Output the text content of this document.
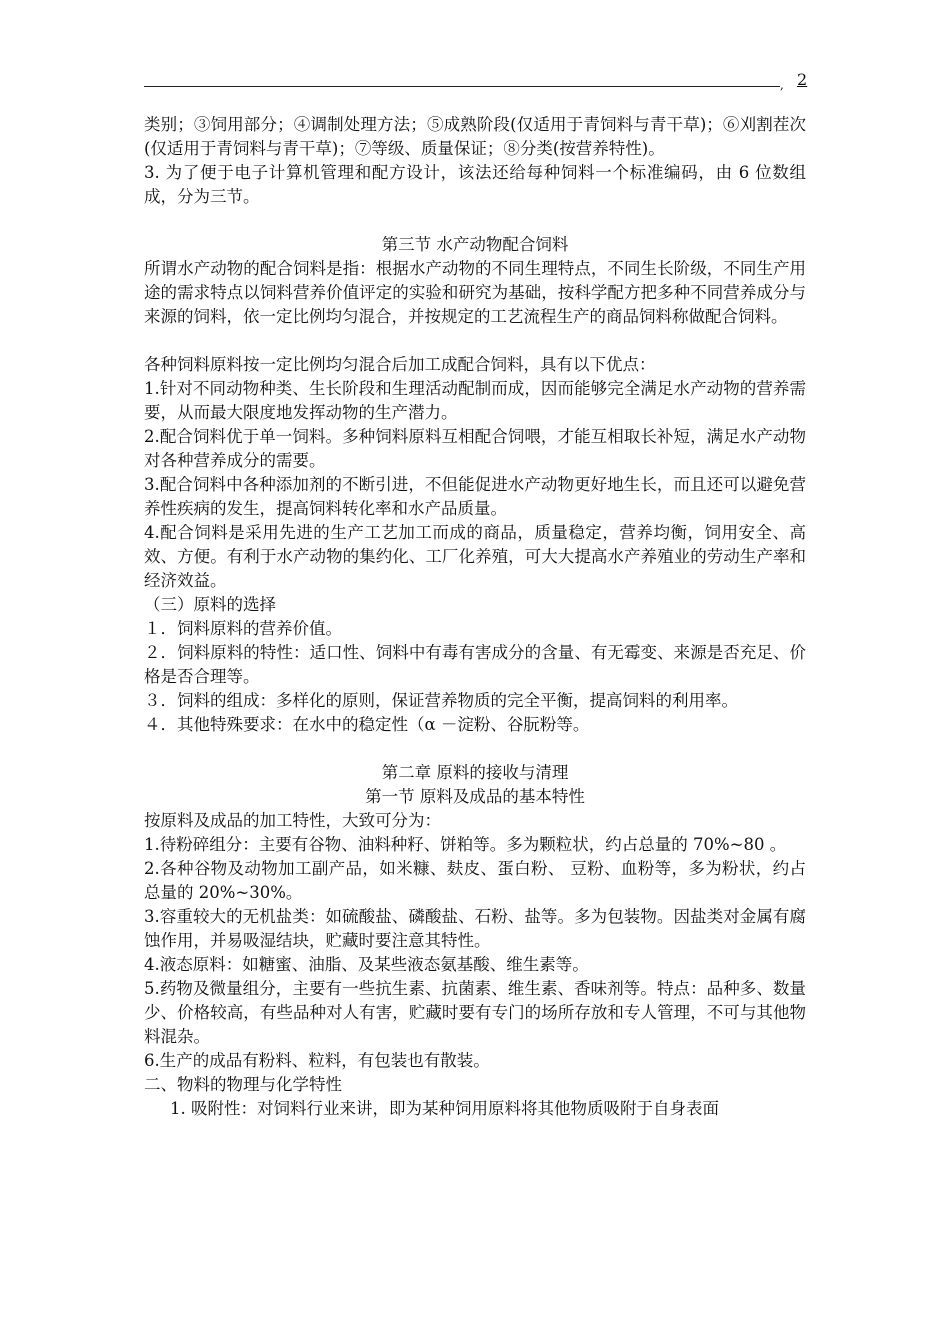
, 2

类别；③饲用部分；④调制处理方法；⑤成熟阶段(仅适用于青饲料与青干草)；⑥刈割茬次(仅适用于青饲料与青干草)；⑦等级、质量保证；⑧分类(按营养特性)。

3. 为了便于电子计算机管理和配方设计，该法还给每种饲料一个标准编码，由 6 位数组成，分为三节。

第三节 水产动物配合饲料

所谓水产动物的配合饲料是指：根据水产动物的不同生理特点，不同生长阶级，不同生产用途的需求特点以饲料营养价值评定的实验和研究为基础，按科学配方把多种不同营养成分与来源的饲料，依一定比例均匀混合，并按规定的工艺流程生产的商品饲料称做配合饲料。

各种饲料原料按一定比例均匀混合后加工成配合饲料，具有以下优点：

1.针对不同动物种类、生长阶段和生理活动配制而成，因而能够完全满足水产动物的营养需要，从而最大限度地发挥动物的生产潜力。

2.配合饲料优于单一饲料。多种饲料原料互相配合饲喂，才能互相取长补短，满足水产动物对各种营养成分的需要。

3.配合饲料中各种添加剂的不断引进，不但能促进水产动物更好地生长，而且还可以避免营养性疾病的发生，提高饲料转化率和水产品质量。

4.配合饲料是采用先进的生产工艺加工而成的商品，质量稳定，营养均衡，饲用安全、高效、方便。有利于水产动物的集约化、工厂化养殖，可大大提高水产养殖业的劳动生产率和经济效益。

（三）原料的选择

１．饲料原料的营养价值。

２．饲料原料的特性：适口性、饲料中有毒有害成分的含量、有无霉变、来源是否充足、价格是否合理等。

３．饲料的组成：多样化的原则，保证营养物质的完全平衡，提高饲料的利用率。

４．其他特殊要求：在水中的稳定性（α －淀粉、谷朊粉等。

第二章 原料的接收与清理

第一节 原料及成品的基本特性

按原料及成品的加工特性，大致可分为：

1.待粉碎组分：主要有谷物、油料种籽、饼粕等。多为颗粒状，约占总量的 70%~80 。

2.各种谷物及动物加工副产品，如米糠、麸皮、蛋白粉、 豆粉、血粉等，多为粉状，约占总量的 20%~30%。

3.容重较大的无机盐类：如硫酸盐、磷酸盐、石粉、盐等。多为包装物。因盐类对金属有腐蚀作用，并易吸湿结块，贮藏时要注意其特性。

4.液态原料：如糖蜜、油脂、及某些液态氨基酸、维生素等。

5.药物及微量组分，主要有一些抗生素、抗菌素、维生素、香味剂等。特点：品种多、数量少、价格较高，有些品种对人有害，贮藏时要有专门的场所存放和专人管理，不可与其他物料混杂。

6.生产的成品有粉料、粒料，有包装也有散装。

二、物料的物理与化学特性

1. 吸附性：对饲料行业来讲，即为某种饲用原料将其他物质吸附于自身表面
